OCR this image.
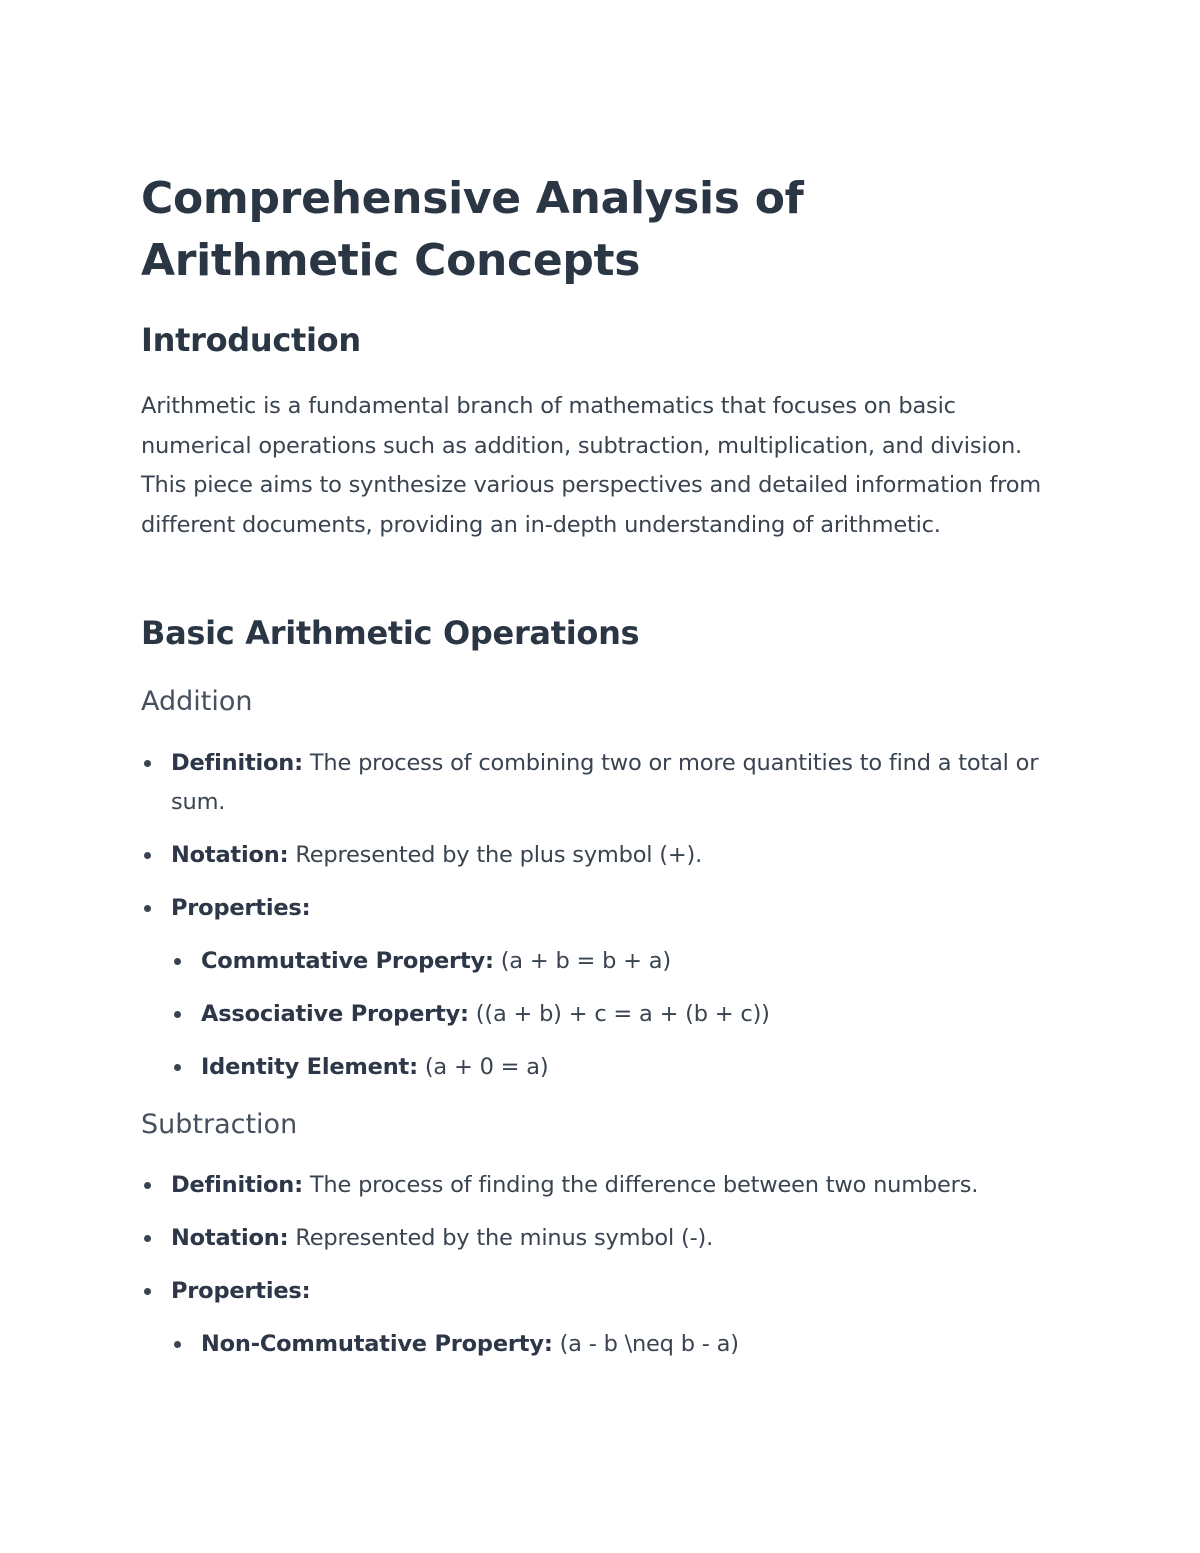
Comprehensive Analysis of Arithmetic Concepts
Introduction

Arithmetic is a fundamental branch of mathematics that focuses on basic numerical operations such as addition, subtraction, multiplication, and division. This piece aims to synthesize various perspectives and detailed information from different documents, providing an in-depth understanding of arithmetic.

Basic Arithmetic Operations
Addition
Definition: The process of combining two or more quantities to find a total or sum.
Notation: Represented by the plus symbol (+).
Properties:
Commutative Property: (a + b = b + a)
Associative Property: ((a + b) + c = a + (b + c))
Identity Element: (a + 0 = a)
Subtraction
Definition: The process of finding the difference between two numbers.
Notation: Represented by the minus symbol (-).
Properties:
Non-Commutative Property: (a - b \neq b - a)
